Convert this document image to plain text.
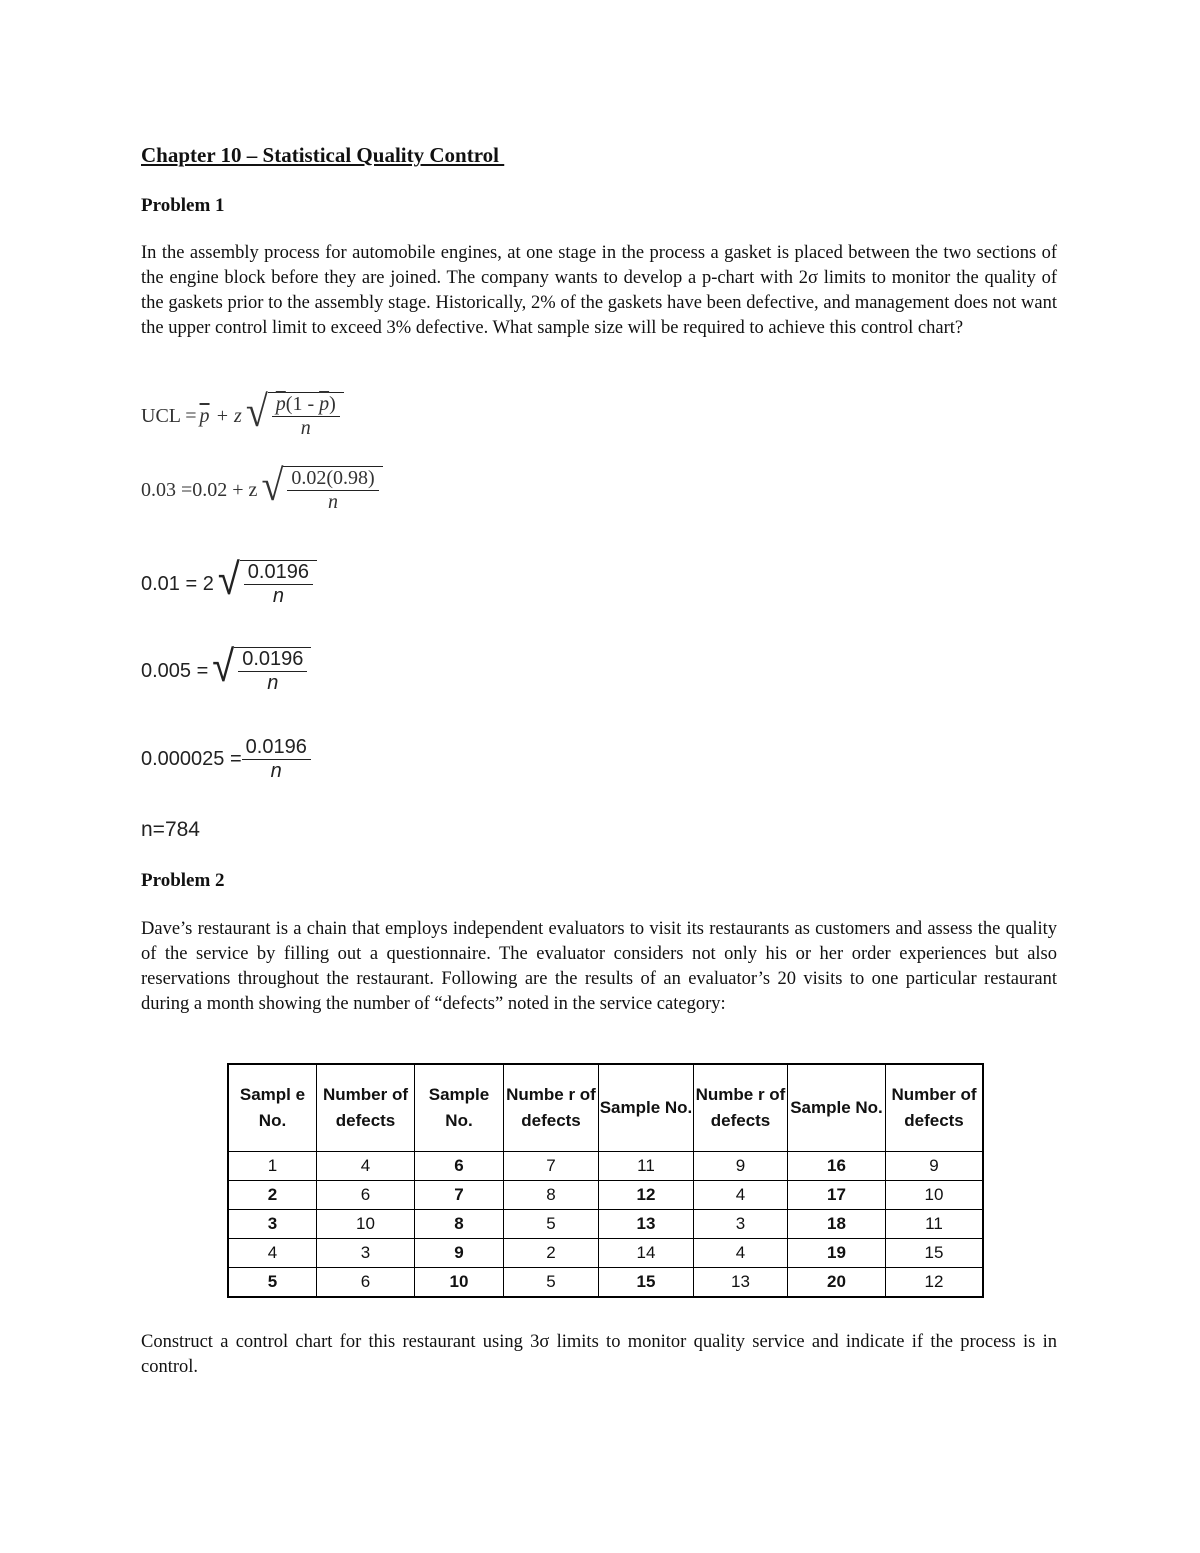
Chapter 10 – Statistical Quality Control
Problem 1
In the assembly process for automobile engines, at one stage in the process a gasket is placed between the two sections of the engine block before they are joined. The company wants to develop a p-chart with 2σ limits to monitor the quality of the gaskets prior to the assembly stage. Historically, 2% of the gaskets have been defective, and management does not want the upper control limit to exceed 3% defective. What sample size will be required to achieve this control chart?
UCL = $\overline{p} + z$ √ $\frac{p(1 - \overline{p})}{n}$
0.03 =0.02 + z √ $\frac{0.02(0.98)}{n}$
0.01 = 2 √ $\frac{0.0196}{n}$
0.005 = √ $\frac{0.0196}{n}$
$0.000025 = \frac{0.0196}{n}$
n=784
Problem 2
Dave’s restaurant is a chain that employs independent evaluators to visit its restaurants as customers and assess the quality of the service by filling out a questionnaire. The evaluator considers not only his or her order experiences but also reservations throughout the restaurant. Following are the results of an evaluator’s 20 visits to one particular restaurant during a month showing the number of “defects” noted in the service category:
Construct a control chart for this restaurant using 3σ limits to monitor quality service and indicate if the process is in control.
Sampl e No.	Number of defects	Sample No.	Numbe r of defects	Sample No.	Numbe r of defects	Sample No.	Number of defects
1	4	6	7	11	9	16	9
2	6	7	8	12	4	17	10
3	10	8	5	13	3	18	11
4	3	9	2	14	4	19	15
5	6	10	5	15	13	20	12
